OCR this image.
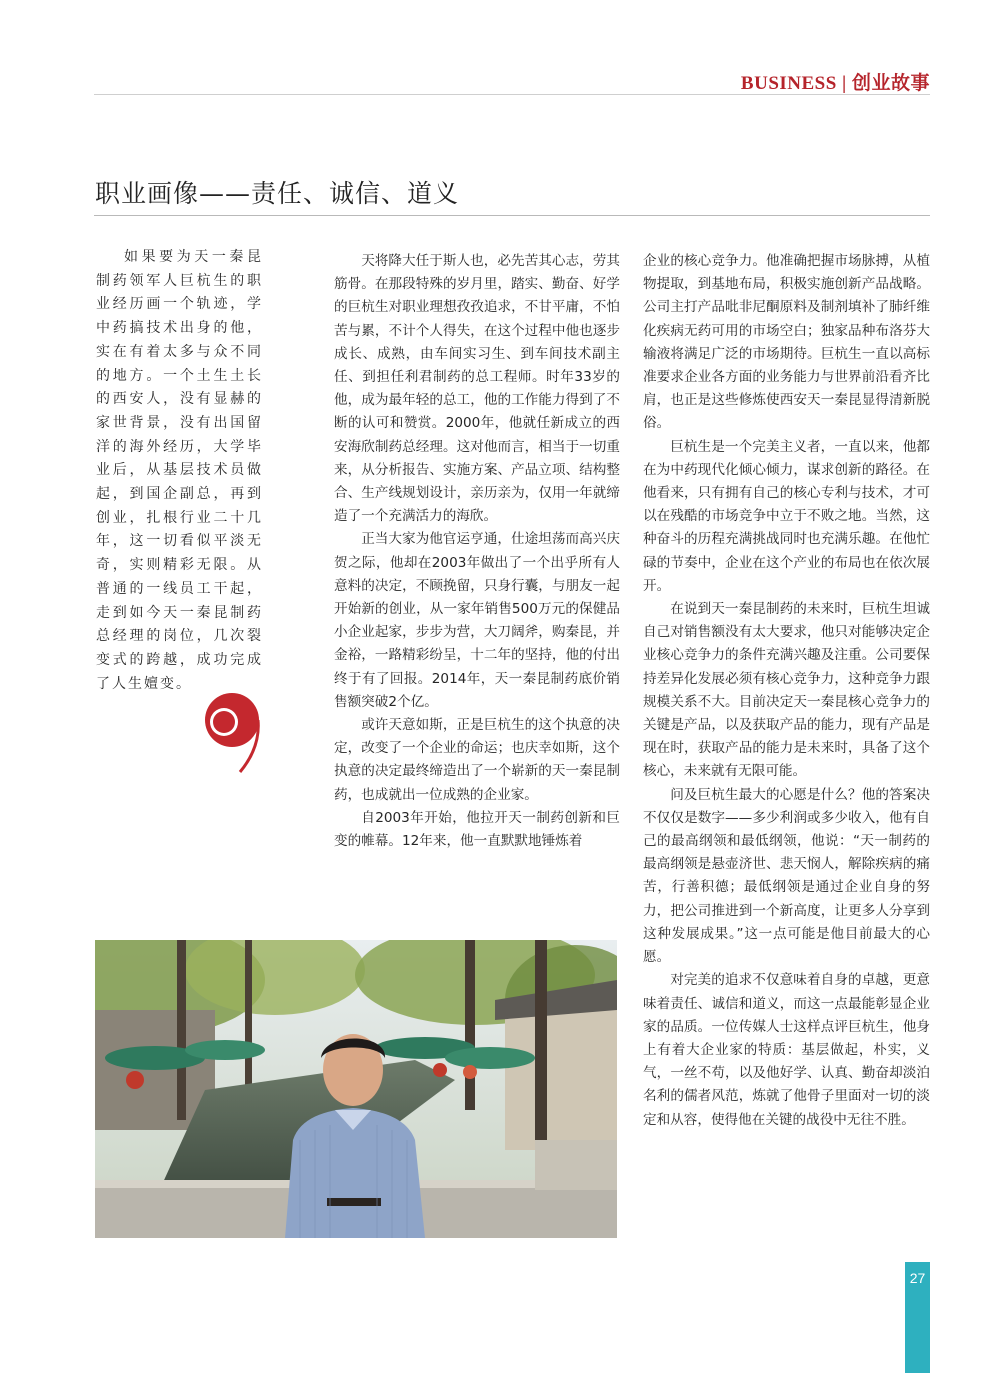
BUSINESS | 创业故事
职业画像——责任、诚信、道义

如果要为天一秦昆制药领军人巨杭生的职业经历画一个轨迹，学中药搞技术出身的他，实在有着太多与众不同的地方。一个土生土长的西安人，没有显赫的家世背景，没有出国留洋的海外经历，大学毕业后，从基层技术员做起，到国企副总，再到创业，扎根行业二十几年，这一切看似平淡无奇，实则精彩无限。从普通的一线员工干起，走到如今天一秦昆制药总经理的岗位，几次裂变式的跨越，成功完成了人生嬗变。

天将降大任于斯人也，必先苦其心志，劳其筋骨。在那段特殊的岁月里，踏实、勤奋、好学的巨杭生对职业理想孜孜追求，不甘平庸，不怕苦与累，不计个人得失，在这个过程中他也逐步成长、成熟，由车间实习生、到车间技术副主任、到担任利君制药的总工程师。时年33岁的他，成为最年轻的总工，他的工作能力得到了不断的认可和赞赏。2000年，他就任新成立的西安海欣制药总经理。这对他而言，相当于一切重来，从分析报告、实施方案、产品立项、结构整合、生产线规划设计，亲历亲为，仅用一年就缔造了一个充满活力的海欣。

正当大家为他官运亨通，仕途坦荡而高兴庆贺之际，他却在2003年做出了一个出乎所有人意料的决定，不顾挽留，只身行囊，与朋友一起开始新的创业，从一家年销售500万元的保健品小企业起家，步步为营，大刀阔斧，购秦昆，并金裕，一路精彩纷呈，十二年的坚持，他的付出终于有了回报。2014年，天一秦昆制药底价销售额突破2个亿。

或许天意如斯，正是巨杭生的这个执意的决定，改变了一个企业的命运；也庆幸如斯，这个执意的决定最终缔造出了一个崭新的天一秦昆制药，也成就出一位成熟的企业家。

自2003年开始，他拉开天一制药创新和巨变的帷幕。12年来，他一直默默地锤炼着

企业的核心竞争力。他准确把握市场脉搏，从植物提取，到基地布局，积极实施创新产品战略。公司主打产品吡非尼酮原料及制剂填补了肺纤维化疾病无药可用的市场空白；独家品种布洛芬大输液将满足广泛的市场期待。巨杭生一直以高标准要求企业各方面的业务能力与世界前沿看齐比肩，也正是这些修炼使西安天一秦昆显得清新脱俗。

巨杭生是一个完美主义者，一直以来，他都在为中药现代化倾心倾力，谋求创新的路径。在他看来，只有拥有自己的核心专利与技术，才可以在残酷的市场竞争中立于不败之地。当然，这种奋斗的历程充满挑战同时也充满乐趣。在他忙碌的节奏中，企业在这个产业的布局也在依次展开。

在说到天一秦昆制药的未来时，巨杭生坦诚自己对销售额没有太大要求，他只对能够决定企业核心竞争力的条件充满兴趣及注重。公司要保持差异化发展必须有核心竞争力，这种竞争力跟规模关系不大。目前决定天一秦昆核心竞争力的关键是产品，以及获取产品的能力，现有产品是现在时，获取产品的能力是未来时，具备了这个核心，未来就有无限可能。

问及巨杭生最大的心愿是什么？他的答案决不仅仅是数字——多少利润或多少收入，他有自己的最高纲领和最低纲领，他说：“天一制药的最高纲领是悬壶济世、悲天悯人，解除疾病的痛苦，行善积德；最低纲领是通过企业自身的努力，把公司推进到一个新高度，让更多人分享到这种发展成果。”这一点可能是他目前最大的心愿。

对完美的追求不仅意味着自身的卓越，更意味着责任、诚信和道义，而这一点最能彰显企业家的品质。一位传媒人士这样点评巨杭生，他身上有着大企业家的特质：基层做起，朴实，义气，一丝不苟，以及他好学、认真、勤奋却淡泊名利的儒者风范，炼就了他骨子里面对一切的淡定和从容，使得他在关键的战役中无往不胜。

27
